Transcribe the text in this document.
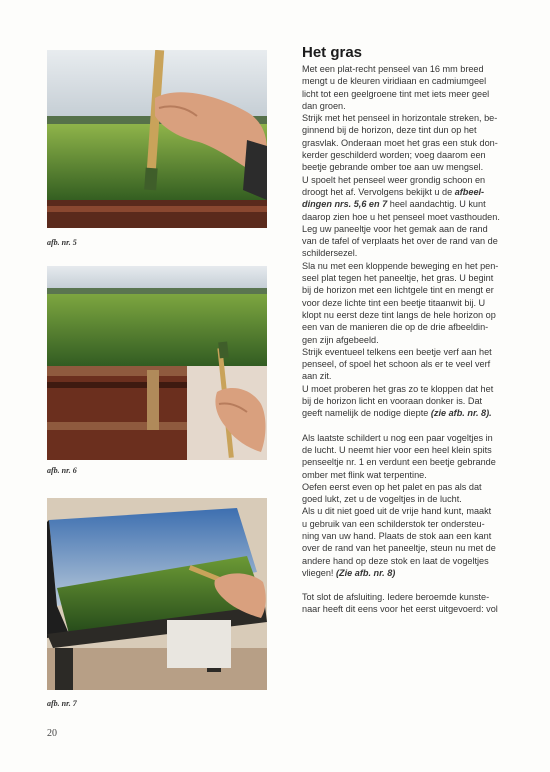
afb. nr. 5
afb. nr. 6
afb. nr. 7
20
Het gras

Met een plat-recht penseel van 16 mm breed

mengt u de kleuren viridiaan en cadmiumgeel

licht tot een geelgroene tint met iets meer geel

dan groen.

Strijk met het penseel in horizontale streken, be-

ginnend bij de horizon, deze tint dun op het

grasvlak. Onderaan moet het gras een stuk don-

kerder geschilderd worden; voeg daarom een

beetje gebrande omber toe aan uw mengsel.

U spoelt het penseel weer grondig schoon en

droogt het af. Vervolgens bekijkt u de afbeel-

dingen nrs. 5,6 en 7 heel aandachtig. U kunt

daarop zien hoe u het penseel moet vasthouden.

Leg uw paneeltje voor het gemak aan de rand

van de tafel of verplaats het over de rand van de

schildersezel.

Sla nu met een kloppende beweging en het pen-

seel plat tegen het paneeltje, het gras. U begint

bij de horizon met een lichtgele tint en mengt er

voor deze lichte tint een beetje titaanwit bij. U

klopt nu eerst deze tint langs de hele horizon op

een van de manieren die op de drie afbeeldin-

gen zijn afgebeeld.

Strijk eventueel telkens een beetje verf aan het

penseel, of spoel het schoon als er te veel verf

aan zit.

U moet proberen het gras zo te kloppen dat het

bij de horizon licht en vooraan donker is. Dat

geeft namelijk de nodige diepte (zie afb. nr. 8).

Als laatste schildert u nog een paar vogeltjes in

de lucht. U neemt hier voor een heel klein spits

penseeltje nr. 1 en verdunt een beetje gebrande

omber met flink wat terpentine.

Oefen eerst even op het palet en pas als dat

goed lukt, zet u de vogeltjes in de lucht.

Als u dit niet goed uit de vrije hand kunt, maakt

u gebruik van een schilderstok ter ondersteu-

ning van uw hand. Plaats de stok aan een kant

over de rand van het paneeltje, steun nu met de

andere hand op deze stok en laat de vogeltjes

vliegen! (Zie afb. nr. 8)

Tot slot de afsluiting. Iedere beroemde kunste-

naar heeft dit eens voor het eerst uitgevoerd: vol
